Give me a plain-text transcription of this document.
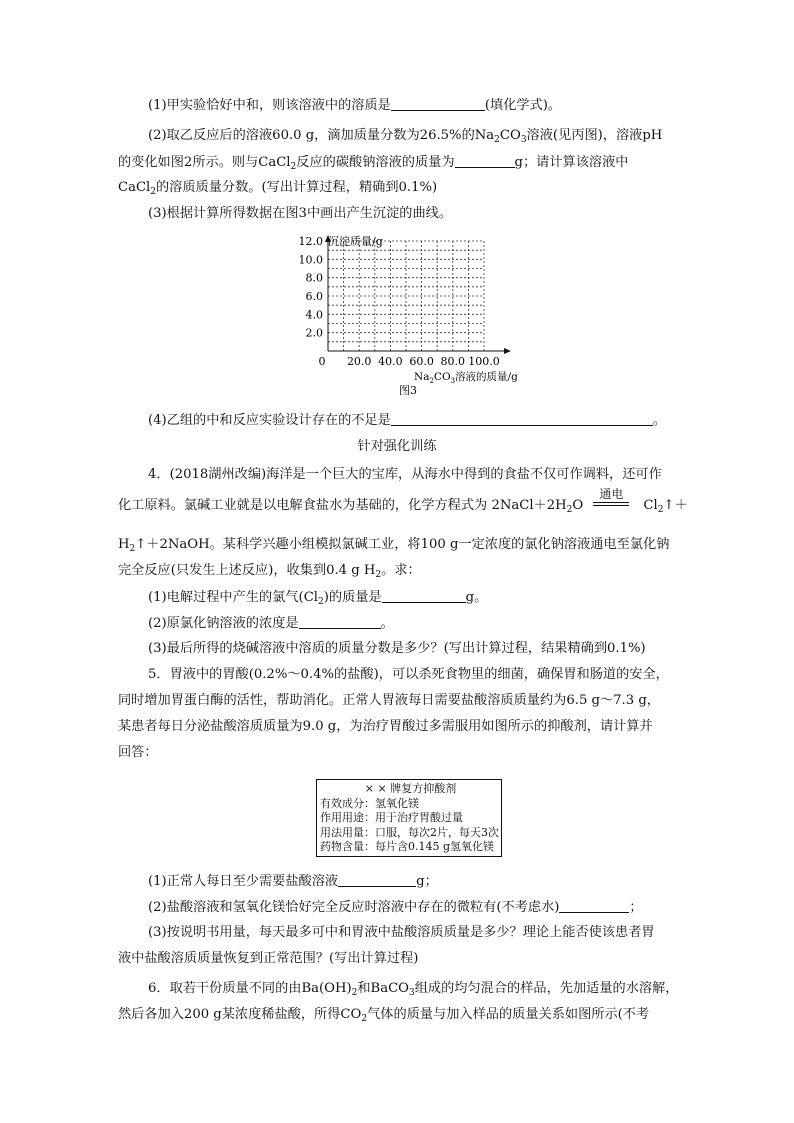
(1)甲实验恰好中和，则该溶液中的溶质是	(填化学式)。
(2)取乙反应后的溶液60.0 g，滴加质量分数为26.5%的$Na_2CO_3$溶液(见丙图)，溶液pH
的变化如图2所示。则与CaCl$_2$反应的碳酸钠溶液的质量为	g；请计算该溶液中
CaCl$_2$的溶质质量分数。(写出计算过程，精确到0.1%)
(3)根据计算所得数据在图3中画出产生沉淀的曲线。
2.0
4.0
6.0
8.0
10.0
12.0
0 20.0 40.0 60.0 80.0 100.0
沉淀质量/g
$Na_2CO_3$溶液的质量/g
图3
(4)乙组的中和反应实验设计存在的不足是	。
针对强化训练
4．(2018湖州改编)海洋是一个巨大的宝库，从海水中得到的食盐不仅可作调料，还可作
化工原料。氯碱工业就是以电解食盐水为基础的，化学方程式为 $2NaCl+2H_2O$
通电
$Cl_2↑+$
$H_2↑+2NaOH$。某科学兴趣小组模拟氯碱工业，将100 g一定浓度的氯化钠溶液通电至氯化钠
完全反应(只发生上述反应)，收集到0.4 g $H_2$。求：
(1)电解过程中产生的氯气$(Cl_2)$的质量是	g。
(2)原氯化钠溶液的浓度是	。
(3)最后所得的烧碱溶液中溶质的质量分数是多少？(写出计算过程，结果精确到0.1%)
5．胃液中的胃酸(0.2%～0.4%的盐酸)，可以杀死食物里的细菌，确保胃和肠道的安全，
同时增加胃蛋白酶的活性，帮助消化。正常人胃液每日需要盐酸溶质质量约为6.5 g～7.3 g，
某患者每日分泌盐酸溶质质量为9.0 g，为治疗胃酸过多需服用如图所示的抑酸剂，请计算并
回答：
× × 牌复方抑酸剂
有效成分：氢氧化镁
作用用途：用于治疗胃酸过量
用法用量：口服，每次2片，每天3次
药物含量：每片含0.145 g氢氧化镁
(1)正常人每日至少需要盐酸溶液	g；
(2)盐酸溶液和氢氧化镁恰好完全反应时溶液中存在的微粒有(不考虑水)	；
(3)按说明书用量，每天最多可中和胃液中盐酸溶质质量是多少？理论上能否使该患者胃
液中盐酸溶质质量恢复到正常范围？(写出计算过程)
6．取若干份质量不同的由$Ba(OH)_2$和BaCO$_3$组成的均匀混合的样品，先加适量的水溶解，
然后各加入200 g某浓度稀盐酸，所得$CO_2$气体的质量与加入样品的质量关系如图所示(不考
